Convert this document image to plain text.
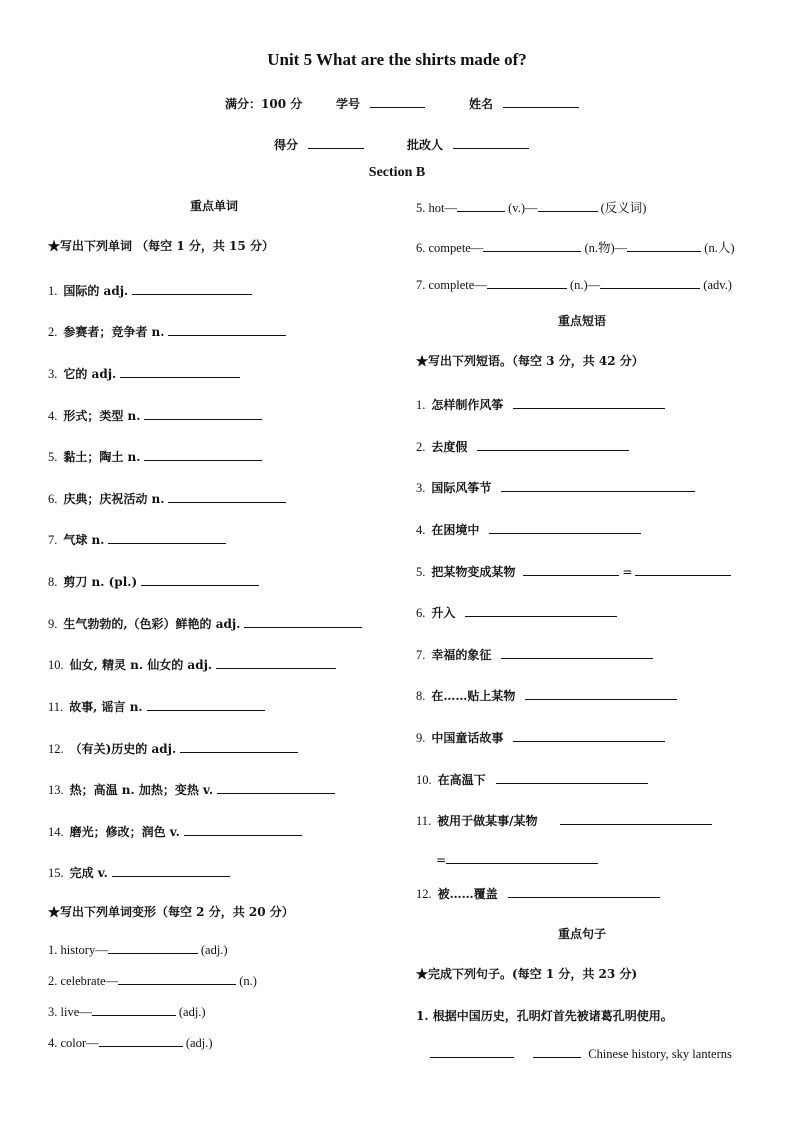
Unit 5 What are the shirts made of?
满分：100 分	学号	姓名
得分	批改人
Section B
重点单词
★写出下列单词 （每空 1 分，共 15 分）
1. 国际的 adj.
2. 参赛者；竞争者 n.
3. 它的 adj.
4. 形式；类型 n.
5. 黏土；陶土 n.
6. 庆典；庆祝活动 n.
7. 气球 n.
8. 剪刀 n. (pl.)
9. 生气勃勃的,（色彩）鲜艳的 adj.
10. 仙女, 精灵 n. 仙女的 adj.
11. 故事, 谣言 n.
12. （有关)历史的 adj.
13. 热；高温 n. 加热；变热 v.
14. 磨光；修改；润色 v.
15. 完成 v.
★写出下列单词变形（每空 2 分，共 20 分）
1. history—	(adj.)
2. celebrate—	(n.)
3. live—	(adj.)
4. color—	(adj.)
5. hot—	(v.)—	(反义词)
6. compete—	(n.物)—	(n.人)
7. complete—	(n.)—	(adv.)
重点短语
★写出下列短语。（每空 3 分，共 42 分）
1. 怎样制作风筝
2. 去度假
3. 国际风筝节
4. 在困境中
5. 把某物变成某物	=
6. 升入
7. 幸福的象征
8. 在……贴上某物
9. 中国童话故事
10. 在高温下
11. 被用于做某事/某物
12. 被……覆盖
=
重点句子
★完成下列句子。(每空 1 分，共 23 分)
1. 根据中国历史，孔明灯首先被诸葛孔明使用。
Chinese history, sky lanterns
